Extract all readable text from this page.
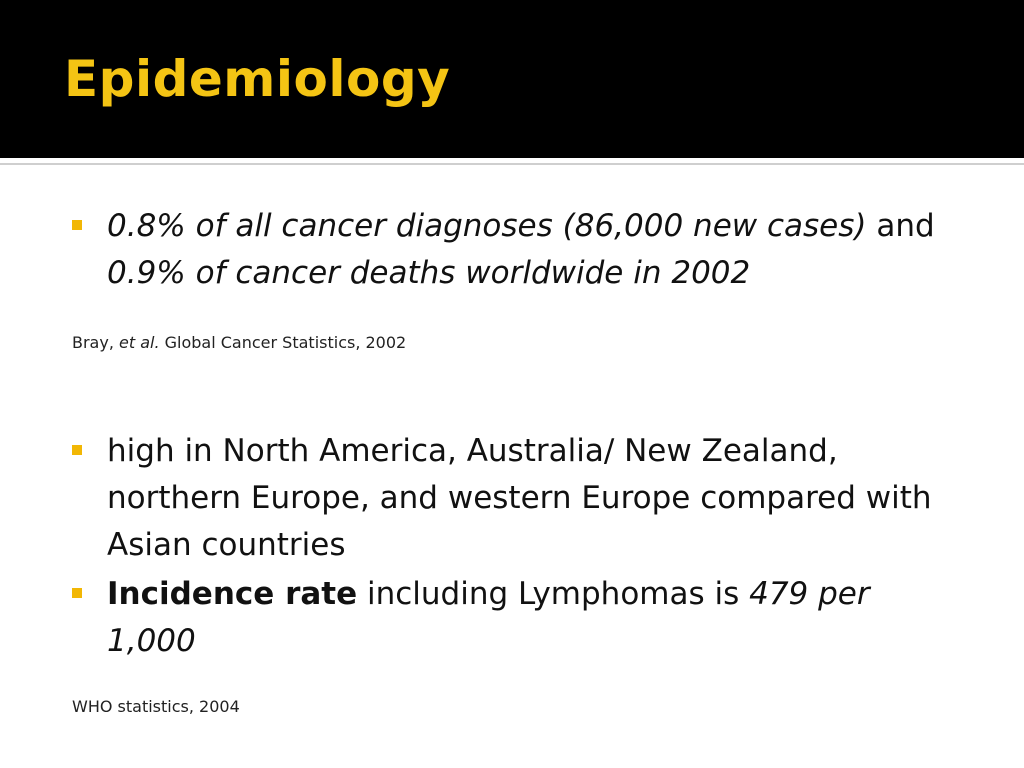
Epidemiology
0.8% of all cancer diagnoses (86,000 new cases) and 0.9% of cancer deaths worldwide in 2002
Bray, et al. Global Cancer Statistics, 2002
high in North America, Australia/ New Zealand, northern Europe, and western Europe compared with Asian countries
Incidence rate including Lymphomas is 479 per 1,000
WHO statistics, 2004
